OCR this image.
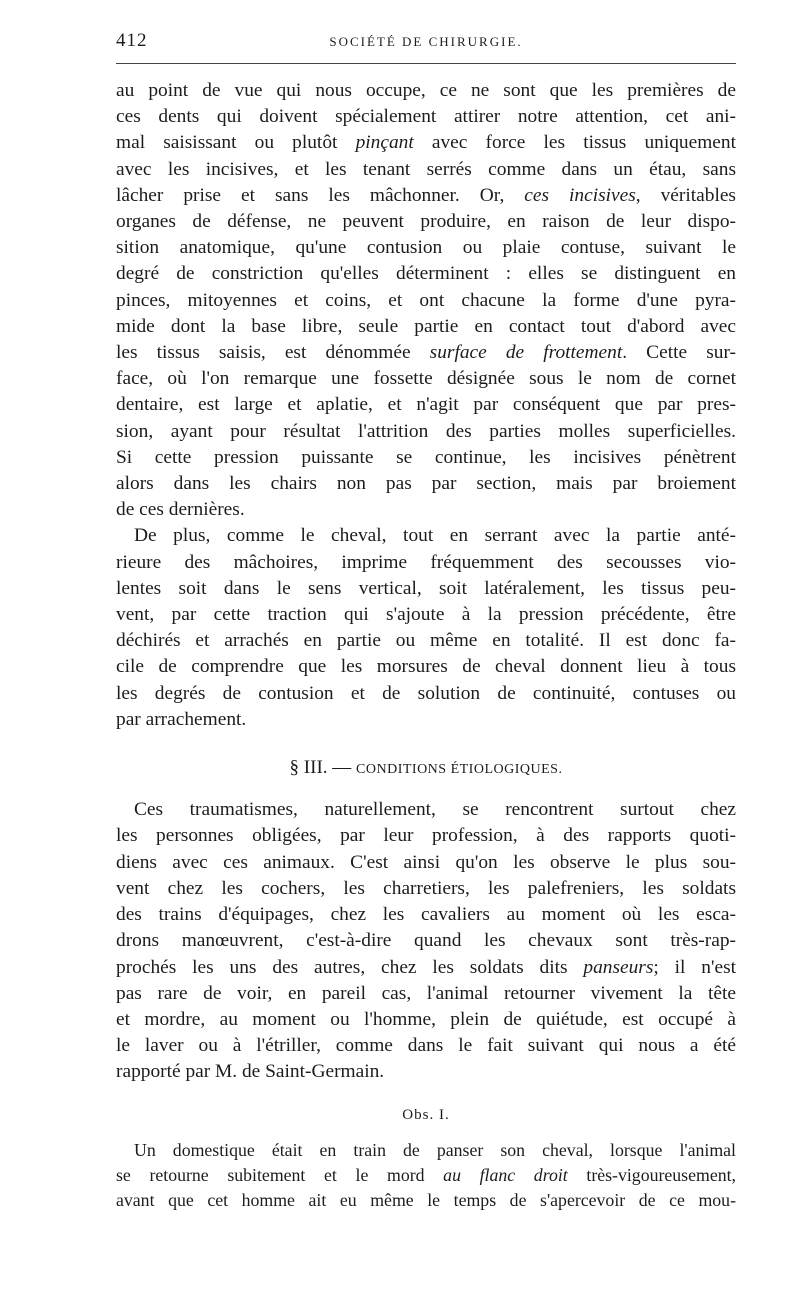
412	SOCIÉTÉ DE CHIRURGIE.
au point de vue qui nous occupe, ce ne sont que les premières de
ces dents qui doivent spécialement attirer notre attention, cet ani-
mal saisissant ou plutôt pinçant avec force les tissus uniquement
avec les incisives, et les tenant serrés comme dans un étau, sans
lâcher prise et sans les mâchonner. Or, ces incisives, véritables
organes de défense, ne peuvent produire, en raison de leur dispo-
sition anatomique, qu'une contusion ou plaie contuse, suivant le
degré de constriction qu'elles déterminent : elles se distinguent en
pinces, mitoyennes et coins, et ont chacune la forme d'une pyra-
mide dont la base libre, seule partie en contact tout d'abord avec
les tissus saisis, est dénommée surface de frottement. Cette sur-
face, où l'on remarque une fossette désignée sous le nom de cornet
dentaire, est large et aplatie, et n'agit par conséquent que par pres-
sion, ayant pour résultat l'attrition des parties molles superficielles.
Si cette pression puissante se continue, les incisives pénètrent
alors dans les chairs non pas par section, mais par broiement
de ces dernières.
De plus, comme le cheval, tout en serrant avec la partie anté-
rieure des mâchoires, imprime fréquemment des secousses vio-
lentes soit dans le sens vertical, soit latéralement, les tissus peu-
vent, par cette traction qui s'ajoute à la pression précédente, être
déchirés et arrachés en partie ou même en totalité. Il est donc fa-
cile de comprendre que les morsures de cheval donnent lieu à tous
les degrés de contusion et de solution de continuité, contuses ou
par arrachement.
§ III. — CONDITIONS ÉTIOLOGIQUES.
Ces traumatismes, naturellement, se rencontrent surtout chez
les personnes obligées, par leur profession, à des rapports quoti-
diens avec ces animaux. C'est ainsi qu'on les observe le plus sou-
vent chez les cochers, les charretiers, les palefreniers, les soldats
des trains d'équipages, chez les cavaliers au moment où les esca-
drons manœuvrent, c'est-à-dire quand les chevaux sont très-rap-
prochés les uns des autres, chez les soldats dits panseurs; il n'est
pas rare de voir, en pareil cas, l'animal retourner vivement la tête
et mordre, au moment ou l'homme, plein de quiétude, est occupé à
le laver ou à l'étriller, comme dans le fait suivant qui nous a été
rapporté par M. de Saint-Germain.
Obs. I.
Un domestique était en train de panser son cheval, lorsque l'animal
se retourne subitement et le mord au flanc droit très-vigoureusement,
avant que cet homme ait eu même le temps de s'apercevoir de ce mou-
